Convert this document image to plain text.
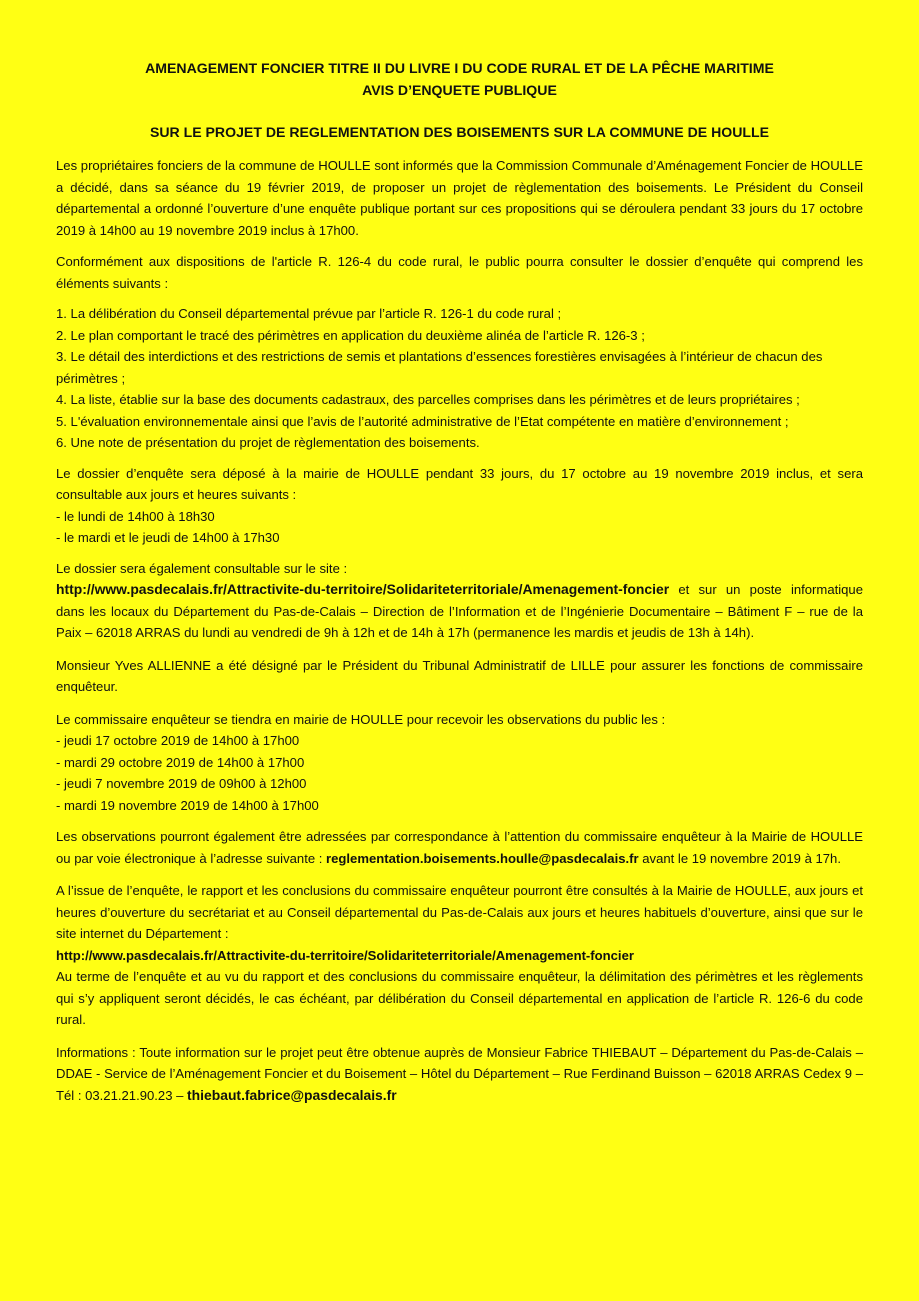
AMENAGEMENT FONCIER TITRE II DU LIVRE I DU CODE RURAL ET DE LA PÊCHE MARITIME
AVIS D’ENQUETE PUBLIQUE
SUR LE PROJET DE REGLEMENTATION DES BOISEMENTS SUR LA COMMUNE DE HOULLE

Les propriétaires fonciers de la commune de HOULLE sont informés que la Commission Communale d’Aménagement Foncier de HOULLE a décidé, dans sa séance du 19 février 2019, de proposer un projet de règlementation des boisements. Le Président du Conseil départemental a ordonné l’ouverture d’une enquête publique portant sur ces propositions qui se déroulera pendant 33 jours du 17 octobre 2019 à 14h00 au 19 novembre 2019 inclus à 17h00.

Conformément aux dispositions de l'article R. 126-4 du code rural, le public pourra consulter le dossier d’enquête qui comprend les éléments suivants :

1. La délibération du Conseil départemental prévue par l’article R. 126-1 du code rural ;

2. Le plan comportant le tracé des périmètres en application du deuxième alinéa de l’article R. 126-3 ;

3. Le détail des interdictions et des restrictions de semis et plantations d’essences forestières envisagées à l’intérieur de chacun des périmètres ;

4. La liste, établie sur la base des documents cadastraux, des parcelles comprises dans les périmètres et de leurs propriétaires ;

5. L'évaluation environnementale ainsi que l’avis de l’autorité administrative de l’Etat compétente en matière d’environnement ;

6. Une note de présentation du projet de règlementation des boisements.

Le dossier d’enquête sera déposé à la mairie de HOULLE pendant 33 jours, du 17 octobre au 19 novembre 2019 inclus, et sera consultable aux jours et heures suivants :

- le lundi de 14h00 à 18h30

- le mardi et le jeudi de 14h00 à 17h30

Le dossier sera également consultable sur le site :

http://www.pasdecalais.fr/Attractivite-du-territoire/Solidariteterritoriale/Amenagement-foncier et sur un poste informatique dans les locaux du Département du Pas-de-Calais – Direction de l’Information et de l’Ingénierie Documentaire – Bâtiment F – rue de la Paix – 62018 ARRAS du lundi au vendredi de 9h à 12h et de 14h à 17h (permanence les mardis et jeudis de 13h à 14h).

Monsieur Yves ALLIENNE a été désigné par le Président du Tribunal Administratif de LILLE pour assurer les fonctions de commissaire enquêteur.

Le commissaire enquêteur se tiendra en mairie de HOULLE pour recevoir les observations du public les :

- jeudi 17 octobre 2019 de 14h00 à 17h00

- mardi 29 octobre 2019 de 14h00 à 17h00

- jeudi 7 novembre 2019 de 09h00 à 12h00

- mardi 19 novembre 2019 de 14h00 à 17h00

Les observations pourront également être adressées par correspondance à l’attention du commissaire enquêteur à la Mairie de HOULLE ou par voie électronique à l’adresse suivante : reglementation.boisements.houlle@pasdecalais.fr avant le 19 novembre 2019 à 17h.

A l’issue de l’enquête, le rapport et les conclusions du commissaire enquêteur pourront être consultés à la Mairie de HOULLE, aux jours et heures d’ouverture du secrétariat et au Conseil départemental du Pas-de-Calais aux jours et heures habituels d’ouverture, ainsi que sur le site internet du Département :

http://www.pasdecalais.fr/Attractivite-du-territoire/Solidariteterritoriale/Amenagement-foncier

Au terme de l’enquête et au vu du rapport et des conclusions du commissaire enquêteur, la délimitation des périmètres et les règlements qui s’y appliquent seront décidés, le cas échéant, par délibération du Conseil départemental en application de l’article R. 126-6 du code rural.

Informations : Toute information sur le projet peut être obtenue auprès de Monsieur Fabrice THIEBAUT – Département du Pas-de-Calais – DDAE - Service de l’Aménagement Foncier et du Boisement – Hôtel du Département – Rue Ferdinand Buisson – 62018 ARRAS Cedex 9 – Tél : 03.21.21.90.23 – thiebaut.fabrice@pasdecalais.fr
